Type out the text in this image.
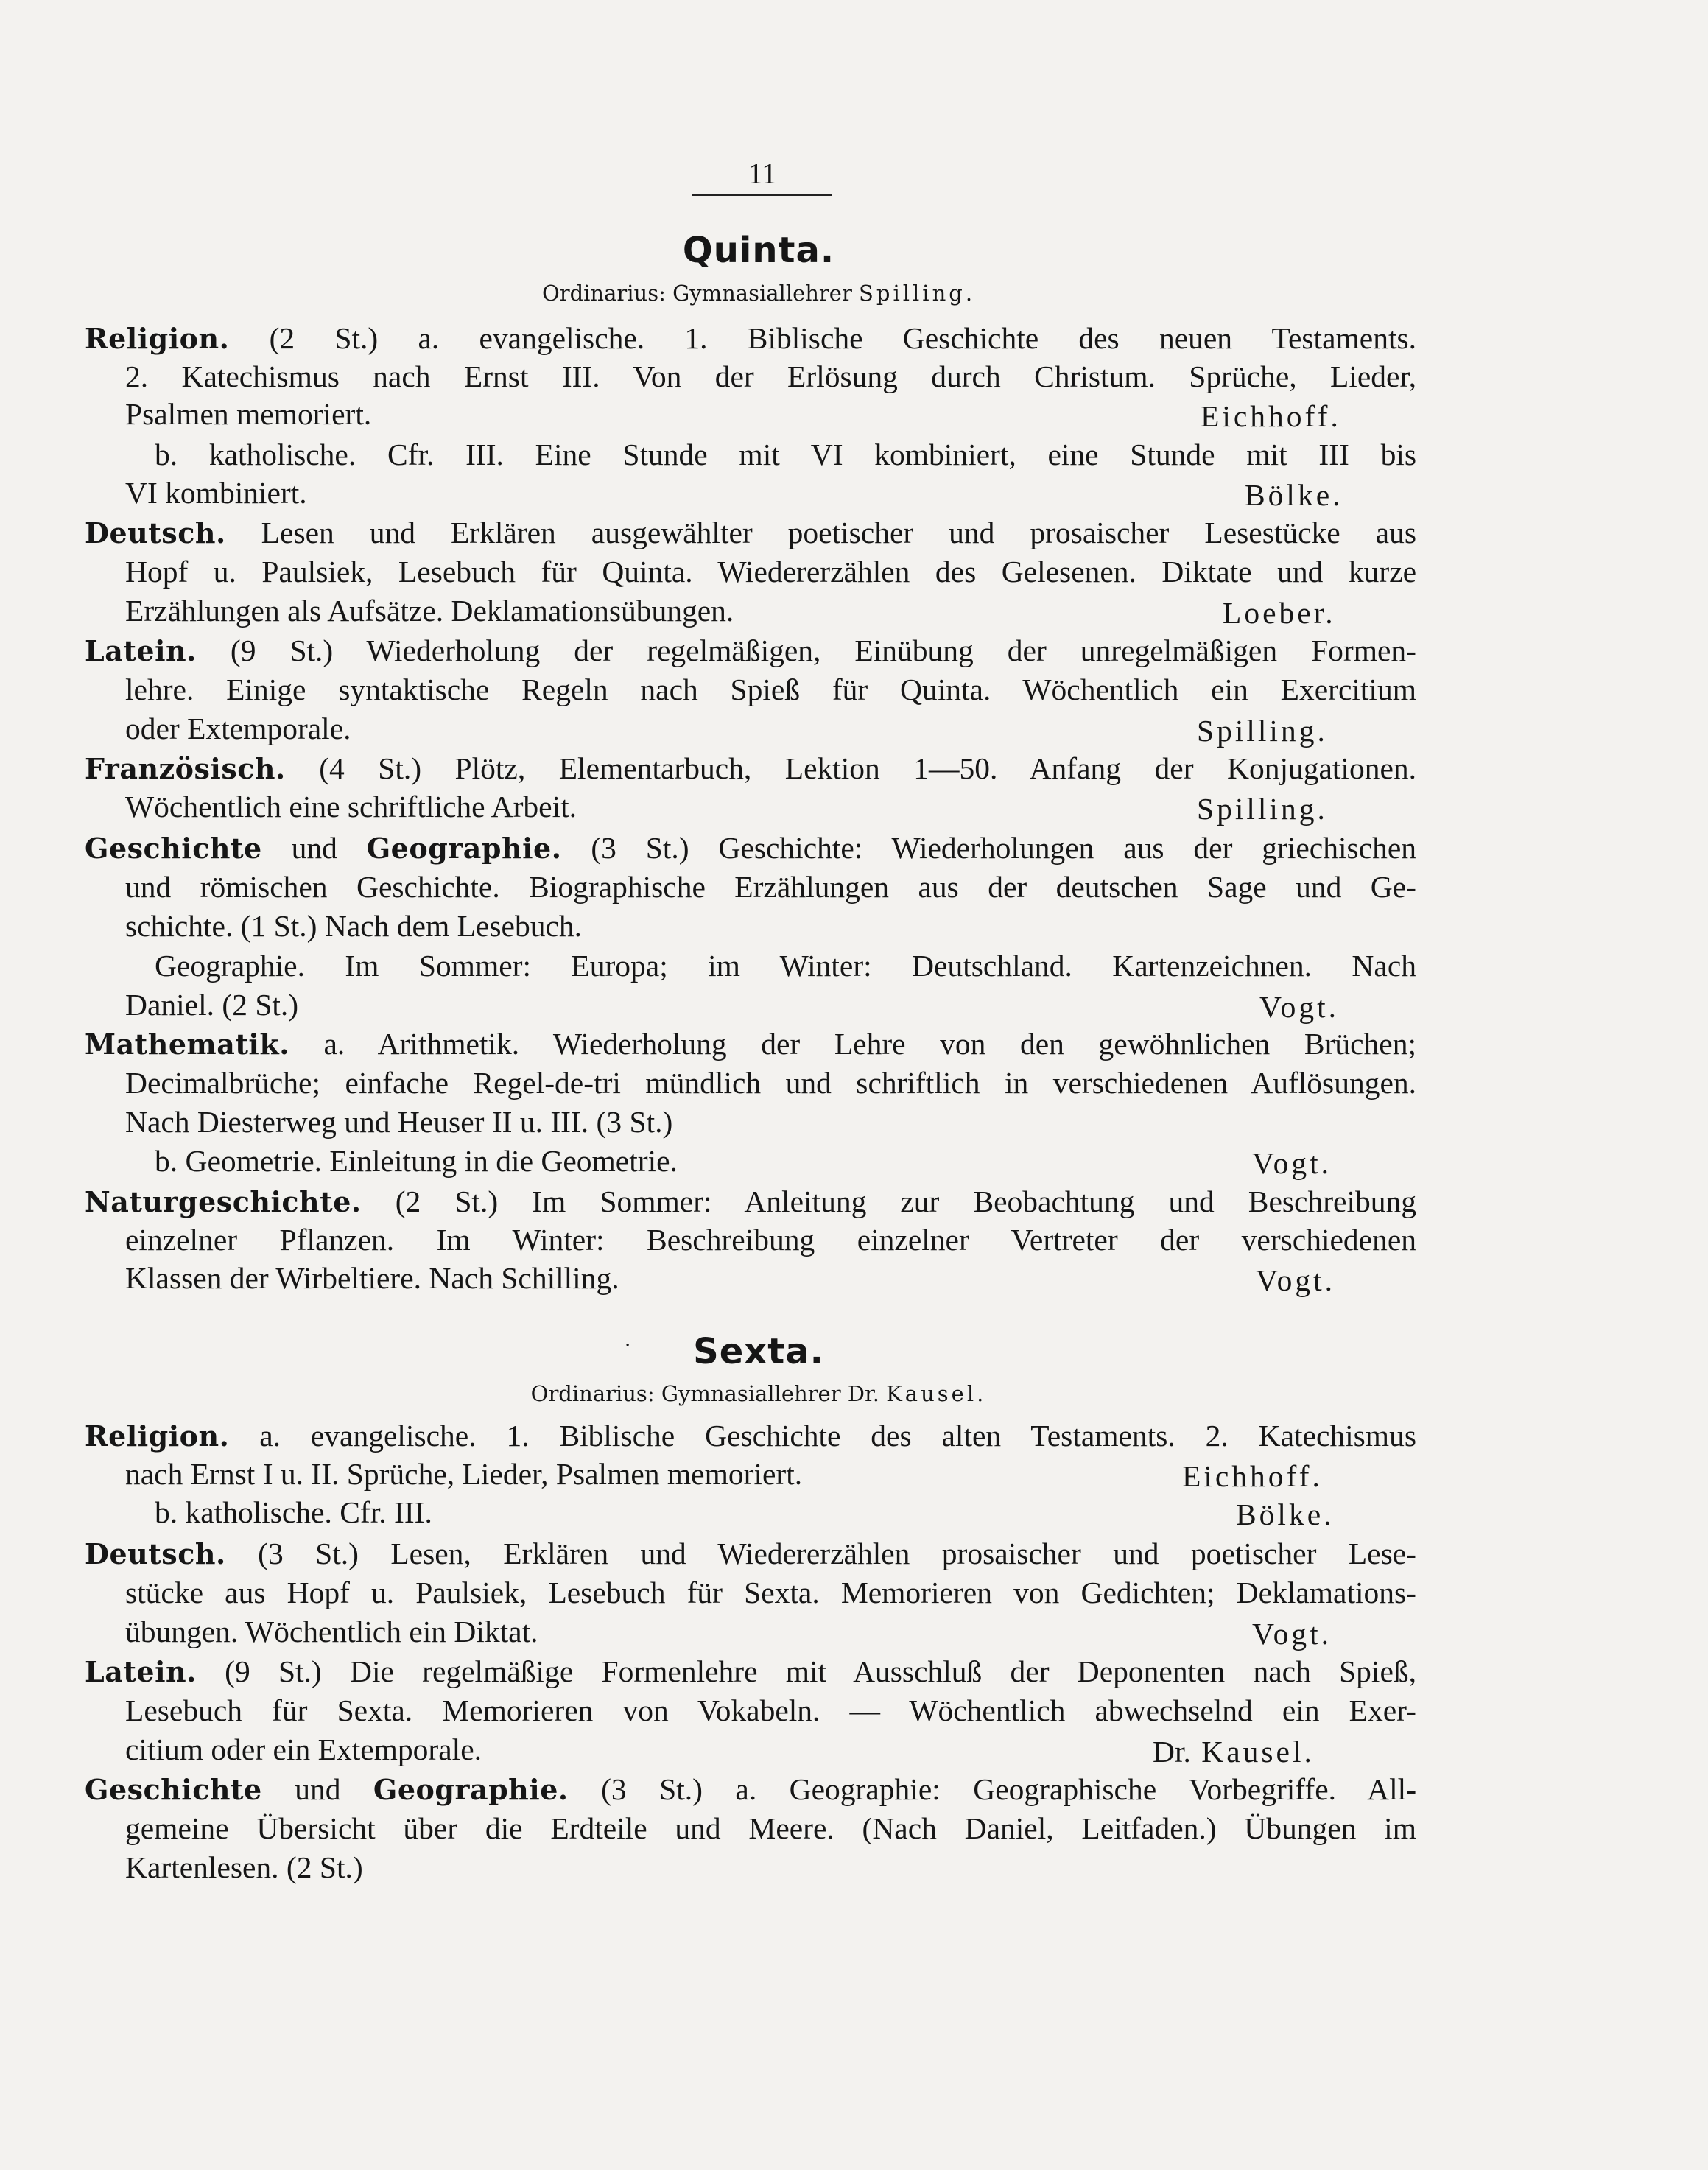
11
Quinta.
Ordinarius: Gymnasiallehrer Spilling.
Religion. (2 St.) a. evangelische. 1. Biblische Geschichte des neuen Testaments.
2. Katechismus nach Ernst III. Von der Erlösung durch Christum. Sprüche, Lieder,
Psalmen memoriert.	Eichhoff.
b. katholische. Cfr. III. Eine Stunde mit VI kombiniert, eine Stunde mit III bis
VI kombiniert.	Bölke.
Deutsch. Lesen und Erklären ausgewählter poetischer und prosaischer Lesestücke aus
Hopf u. Paulsiek, Lesebuch für Quinta. Wiedererzählen des Gelesenen. Diktate und kurze
Erzählungen als Aufsätze. Deklamationsübungen.	Loeber.
Latein. (9 St.) Wiederholung der regelmäßigen, Einübung der unregelmäßigen Formen-
lehre. Einige syntaktische Regeln nach Spieß für Quinta. Wöchentlich ein Exercitium
oder Extemporale.	Spilling.
Französisch. (4 St.) Plötz, Elementarbuch, Lektion 1—50. Anfang der Konjugationen.
Wöchentlich eine schriftliche Arbeit.	Spilling.
Geschichte und Geographie. (3 St.) Geschichte: Wiederholungen aus der griechischen
und römischen Geschichte. Biographische Erzählungen aus der deutschen Sage und Ge-
schichte. (1 St.) Nach dem Lesebuch.
Geographie. Im Sommer: Europa; im Winter: Deutschland. Kartenzeichnen. Nach
Daniel. (2 St.)	Vogt.
Mathematik. a. Arithmetik. Wiederholung der Lehre von den gewöhnlichen Brüchen;
Decimalbrüche; einfache Regel-de-tri mündlich und schriftlich in verschiedenen Auflösungen.
Nach Diesterweg und Heuser II u. III. (3 St.)
b. Geometrie. Einleitung in die Geometrie.	Vogt.
Naturgeschichte. (2 St.) Im Sommer: Anleitung zur Beobachtung und Beschreibung
einzelner Pflanzen. Im Winter: Beschreibung einzelner Vertreter der verschiedenen
Klassen der Wirbeltiere. Nach Schilling.	Vogt.
·	Sexta.
Ordinarius: Gymnasiallehrer Dr. Kausel.
Religion. a. evangelische. 1. Biblische Geschichte des alten Testaments. 2. Katechismus
nach Ernst I u. II. Sprüche, Lieder, Psalmen memoriert.	Eichhoff.
b. katholische. Cfr. III.	Bölke.
Deutsch. (3 St.) Lesen, Erklären und Wiedererzählen prosaischer und poetischer Lese-
stücke aus Hopf u. Paulsiek, Lesebuch für Sexta. Memorieren von Gedichten; Deklamations-
übungen. Wöchentlich ein Diktat.	Vogt.
Latein. (9 St.) Die regelmäßige Formenlehre mit Ausschluß der Deponenten nach Spieß,
Lesebuch für Sexta. Memorieren von Vokabeln. — Wöchentlich abwechselnd ein Exer-
citium oder ein Extemporale.	Dr. Kausel.
Geschichte und Geographie. (3 St.) a. Geographie: Geographische Vorbegriffe. All-
gemeine Übersicht über die Erdteile und Meere. (Nach Daniel, Leitfaden.) Übungen im
Kartenlesen. (2 St.)
